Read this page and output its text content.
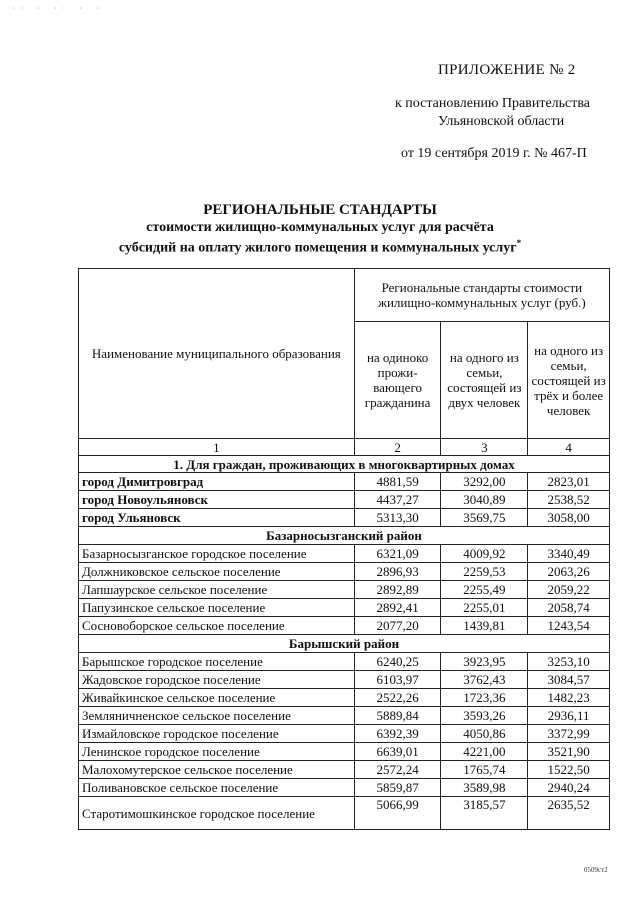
·· · ·· · ·
ПРИЛОЖЕНИЕ № 2
к постановлению Правительства
Ульяновской области
от 19 сентября 2019 г. № 467-П
РЕГИОНАЛЬНЫЕ СТАНДАРТЫ
стоимости жилищно-коммунальных услуг для расчёта
субсидий на оплату жилого помещения и коммунальных услуг*
Наименование муниципального образования	Региональные стандарты стоимости жилищно-коммунальных услуг (руб.)		
	на одиноко прожи-вающего гражданина	на одного из семьи, состоящей из двух человек	на одного из семьи, состоящей из трёх и более человек
1	2	3	4
1. Для граждан, проживающих в многоквартирных домах			
город Димитровград	4881,59	3292,00	2823,01
город Новоульяновск	4437,27	3040,89	2538,52
город Ульяновск	5313,30	3569,75	3058,00
Базарносызганский район			
Базарносызганское городское поселение	6321,09	4009,92	3340,49
Должниковское сельское поселение	2896,93	2259,53	2063,26
Лапшаурское сельское поселение	2892,89	2255,49	2059,22
Папузинское сельское поселение	2892,41	2255,01	2058,74
Сосновоборское сельское поселение	2077,20	1439,81	1243,54
Барышский район			
Барышское городское поселение	6240,25	3923,95	3253,10
Жадовское городское поселение	6103,97	3762,43	3084,57
Живайкинское сельское поселение	2522,26	1723,36	1482,23
Земляничненское сельское поселение	5889,84	3593,26	2936,11
Измайловское городское поселение	6392,39	4050,86	3372,99
Ленинское городское поселение	6639,01	4221,00	3521,90
Малохомутерское сельское поселение	2572,24	1765,74	1522,50
Поливановское сельское поселение	5859,87	3589,98	2940,24
Старотимошкинское городское поселение	5066,99	3185,57	2635,52
0509ст2
